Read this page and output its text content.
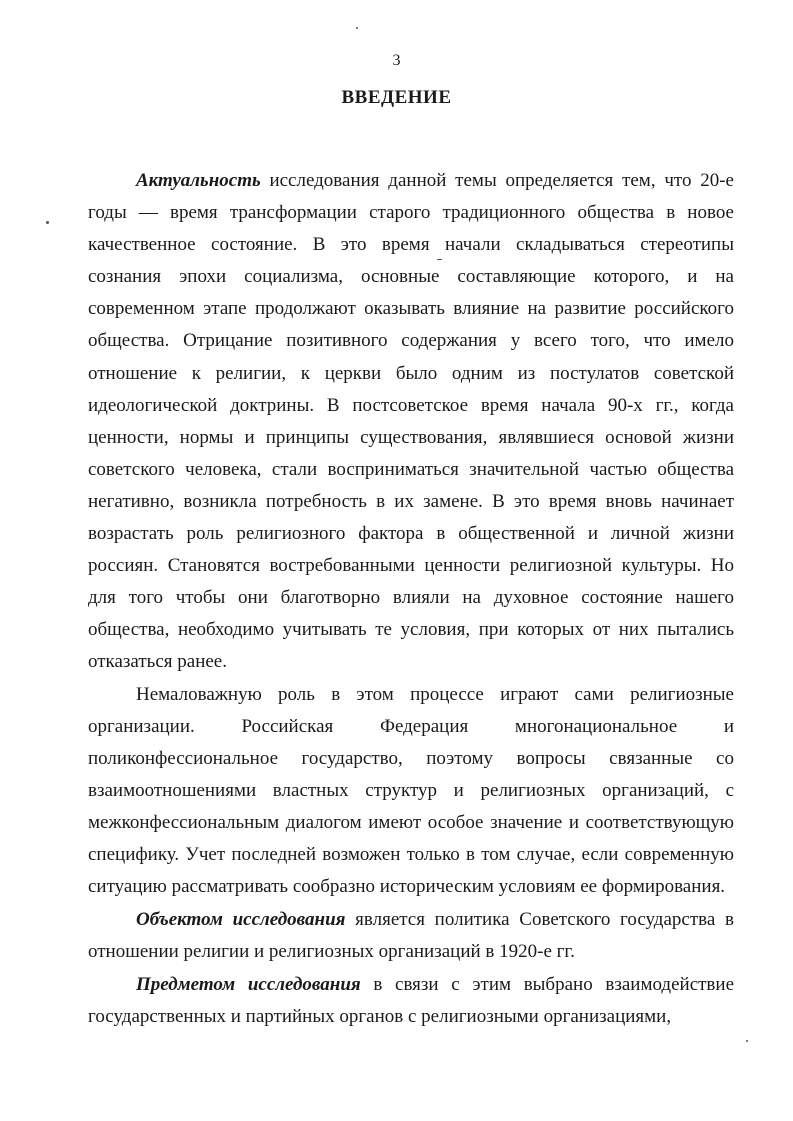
3
ВВЕДЕНИЕ

Актуальность исследования данной темы определяется тем, что 20-е годы — время трансформации старого традиционного общества в новое качественное состояние. В это время начали складываться стереотипы сознания эпохи социализма, основные составляющие которого, и на современном этапе продолжают оказывать влияние на развитие российского общества. Отрицание позитивного содержания у всего того, что имело отношение к религии, к церкви было одним из постулатов советской идеологической доктрины. В постсоветское время начала 90-х гг., когда ценности, нормы и принципы существования, являвшиеся основой жизни советского человека, стали восприниматься значительной частью общества негативно, возникла потребность в их замене. В это время вновь начинает возрастать роль религиозного фактора в общественной и личной жизни россиян. Становятся востребованными ценности религиозной культуры. Но для того чтобы они благотворно влияли на духовное состояние нашего общества, необходимо учитывать те условия, при которых от них пытались отказаться ранее.

Немаловажную роль в этом процессе играют сами религиозные организации. Российская Федерация многонациональное и поликонфессиональное государство, поэтому вопросы связанные со взаимоотношениями властных структур и религиозных организаций, с межконфессиональным диалогом имеют особое значение и соответствующую специфику. Учет последней возможен только в том случае, если современную ситуацию рассматривать сообразно историческим условиям ее формирования.

Объектом исследования является политика Советского государства в отношении религии и религиозных организаций в 1920-е гг.

Предметом исследования в связи с этим выбрано взаимодействие государственных и партийных органов с религиозными организациями,
